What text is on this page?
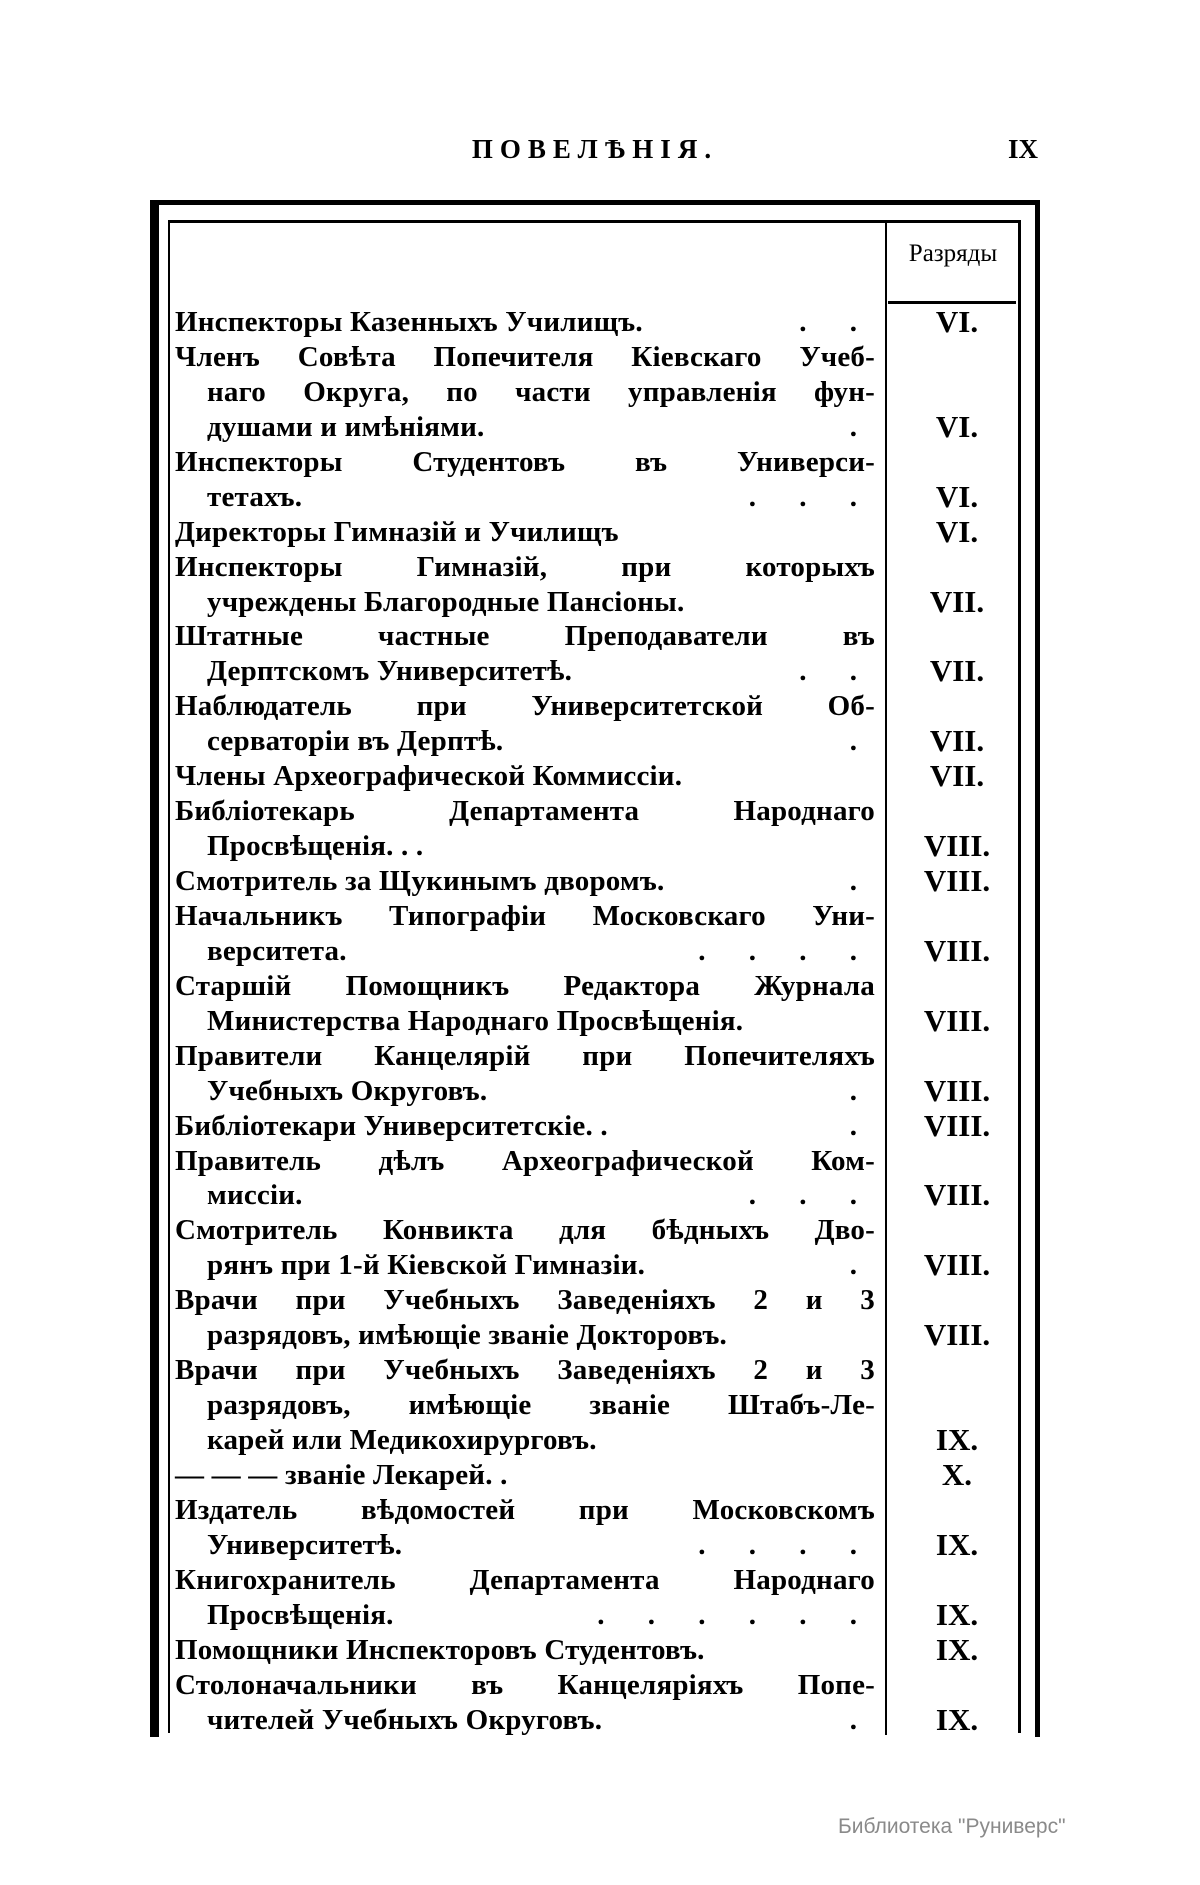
ПОВЕЛѢНІЯ.	IX
Разряды
Инспекторы Казенныхъ Училищъ.	. .	VI.
Членъ Совѣта Попечителя Кіевскаго Учеб-
наго Округа, по части управленія фун-
душами и имѣніями.	.	VI.
Инспекторы Студентовъ въ Универси-
тетахъ.	. . .	VI.
Директоры Гимназій и Училищъ	VI.
Инспекторы Гимназій, при которыхъ
учреждены Благородные Пансіоны.	VII.
Штатные частные Преподаватели въ
Дерптскомъ Университетѣ.	. .	VII.
Наблюдатель при Университетской Об-
серваторіи въ Дерптѣ.	.	VII.
Члены Археографической Коммиссіи.	VII.
Библіотекарь Департамента Народнаго
Просвѣщенія. . .	VIII.
Смотритель за Щукинымъ дворомъ.	.	VIII.
Начальникъ Типографіи Московскаго Уни-
верситета.	. . . .	VIII.
Старшій Помощникъ Редактора Журнала
Министерства Народнаго Просвѣщенія.	VIII.
Правители Канцелярій при Попечителяхъ
Учебныхъ Округовъ.	.	VIII.
Библіотекари Университетскіе. .	.	VIII.
Правитель дѣлъ Археографической Ком-
миссіи.	. . .	VIII.
Смотритель Конвикта для бѣдныхъ Дво-
рянъ при 1-й Кіевской Гимназіи.	.	VIII.
Врачи при Учебныхъ Заведеніяхъ 2 и 3
разрядовъ, имѣющіе званіе Докторовъ.	VIII.
Врачи при Учебныхъ Заведеніяхъ 2 и 3
разрядовъ, имѣющіе званіе Штабъ-Ле-
карей или Медикохирурговъ.	IX.
— — — званіе Лекарей. .	X.
Издатель вѣдомостей при Московскомъ
Университетѣ.	. . . .	IX.
Книгохранитель Департамента Народнаго
Просвѣщенія.	. . . . . .	IX.
Помощники Инспекторовъ Студентовъ.	IX.
Столоначальники въ Канцеляріяхъ Попе-
чителей Учебныхъ Округовъ.	.	IX.
Библиотека "Руниверс"
